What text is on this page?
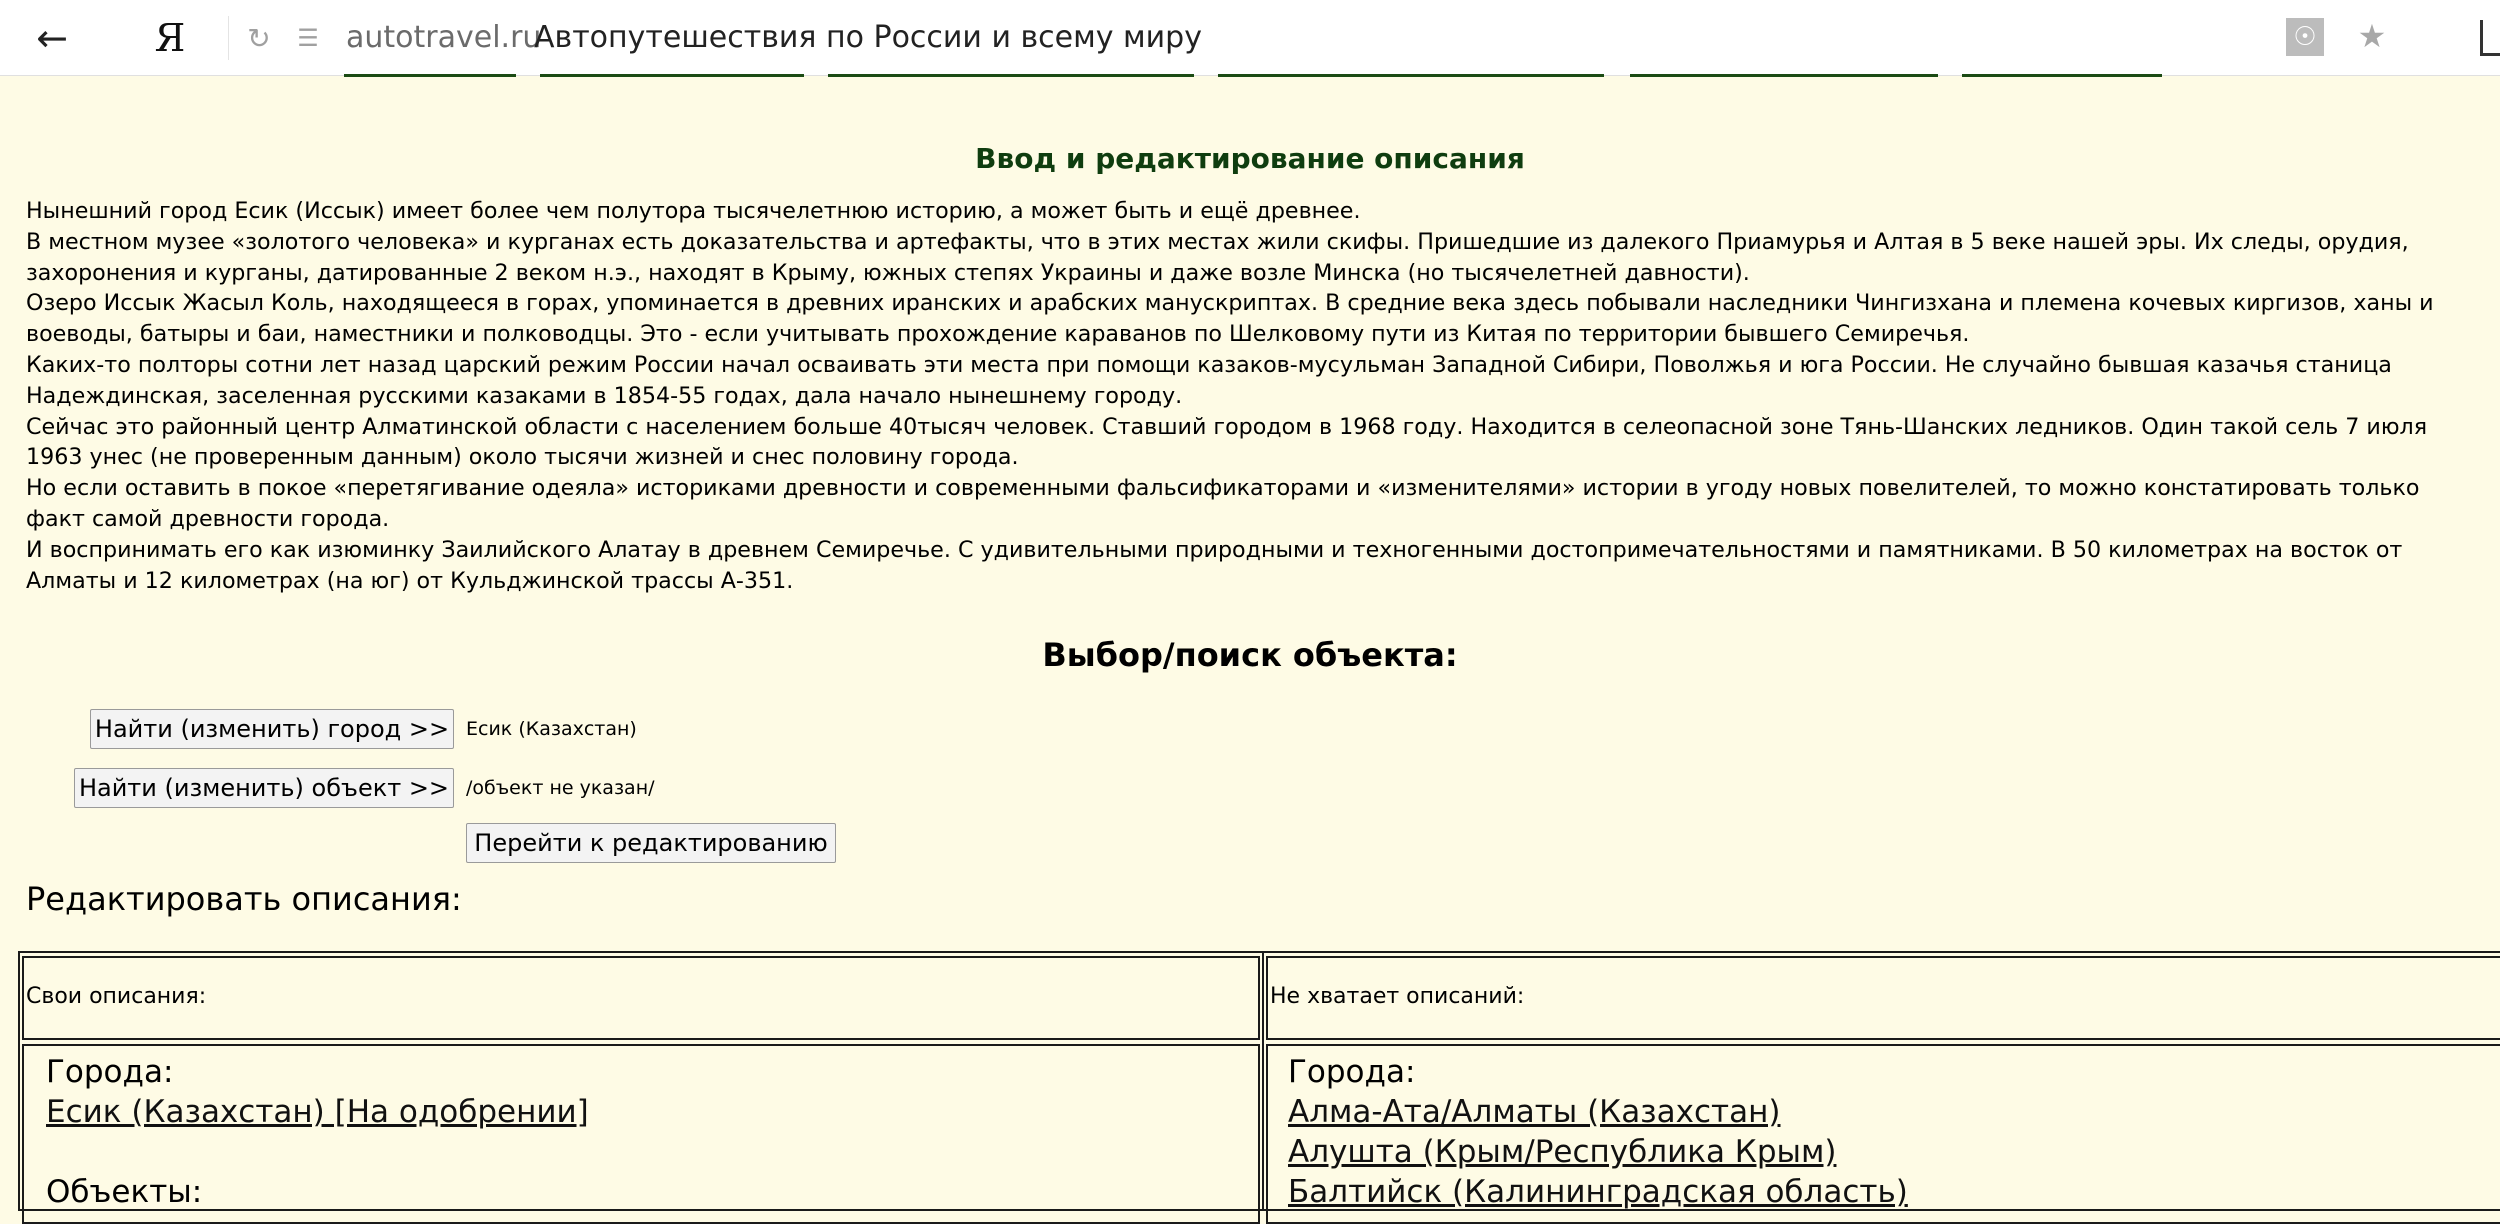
← Я ↻ ☰ autotravel.ru
Автопутешествия по России и всему миру	☉ ★
Ввод и редактирование описания

Нынешний город Есик (Иссык) имеет более чем полутора тысячелетнюю историю, а может быть и ещё древнее.

В местном музее «золотого человека» и курганах есть доказательства и артефакты, что в этих местах жили скифы. Пришедшие из далекого Приамурья и Алтая в 5 веке нашей эры. Их следы, орудия, захоронения и курганы, датированные 2 веком н.э., находят в Крыму, южных степях Украины и даже возле Минска (но тысячелетней давности).

Озеро Иссык Жасыл Коль, находящееся в горах, упоминается в древних иранских и арабских манускриптах. В средние века здесь побывали наследники Чингизхана и племена кочевых киргизов, ханы и воеводы, батыры и баи, наместники и полководцы. Это - если учитывать прохождение караванов по Шелковому пути из Китая по территории бывшего Семиречья.

Каких-то полторы сотни лет назад царский режим России начал осваивать эти места при помощи казаков-мусульман Западной Сибири, Поволжья и юга России. Не случайно бывшая казачья станица Надеждинская, заселенная русскими казаками в 1854-55 годах, дала начало нынешнему городу.

Сейчас это районный центр Алматинской области с населением больше 40тысяч человек. Ставший городом в 1968 году. Находится в селеопасной зоне Тянь-Шанских ледников. Один такой сель 7 июля 1963 унес (не проверенным данным) около тысячи жизней и снес половину города.

Но если оставить в покое «перетягивание одеяла» историками древности и современными фальсификаторами и «изменителями» истории в угоду новых повелителей, то можно констатировать только факт самой древности города.

И воспринимать его как изюминку Заилийского Алатау в древнем Семиречье. С удивительными природными и техногенными достопримечательностями и памятниками. В 50 километрах на восток от Алматы и 12 километрах (на юг) от Кульджинской трассы А-351.

Выбор/поиск объекта:
Найти (изменить) город >> Есик (Казахстан)
Найти (изменить) объект >> /объект не указан/
Перейти к редактированию
Редактировать описания:
Свои описания:	Не хватает описаний:
Города:
Есик (Казахстан) [На одобрении]
Объекты:
Города:
Алма-Ата/Алматы (Казахстан)
Алушта (Крым/Республика Крым)
Балтийск (Калининградская область)
